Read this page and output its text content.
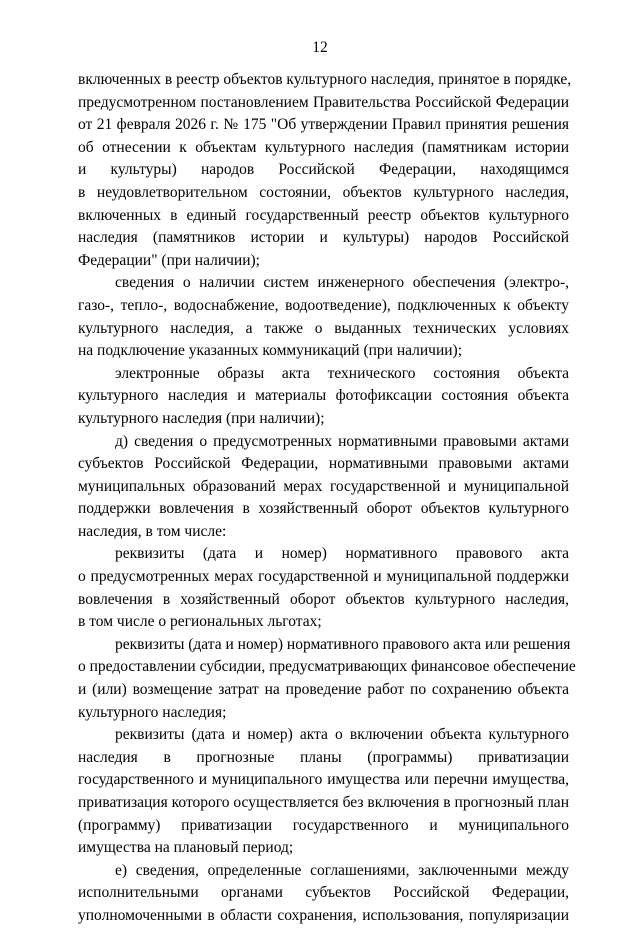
12
включенных в реестр объектов культурного наследия, принятое в порядке,
предусмотренном постановлением Правительства Российской Федерации
от 21 февраля 2026 г. № 175 "Об утверждении Правил принятия решения
об отнесении к объектам культурного наследия (памятникам истории
и культуры) народов Российской Федерации, находящимся
в неудовлетворительном состоянии, объектов культурного наследия,
включенных в единый государственный реестр объектов культурного
наследия (памятников истории и культуры) народов Российской
Федерации" (при наличии);
сведения о наличии систем инженерного обеспечения (электро-,
газо-, тепло-, водоснабжение, водоотведение), подключенных к объекту
культурного наследия, а также о выданных технических условиях
на подключение указанных коммуникаций (при наличии);
электронные образы акта технического состояния объекта
культурного наследия и материалы фотофиксации состояния объекта
культурного наследия (при наличии);
д) сведения о предусмотренных нормативными правовыми актами
субъектов Российской Федерации, нормативными правовыми актами
муниципальных образований мерах государственной и муниципальной
поддержки вовлечения в хозяйственный оборот объектов культурного
наследия, в том числе:
реквизиты (дата и номер) нормативного правового акта
о предусмотренных мерах государственной и муниципальной поддержки
вовлечения в хозяйственный оборот объектов культурного наследия,
в том числе о региональных льготах;
реквизиты (дата и номер) нормативного правового акта или решения
о предоставлении субсидии, предусматривающих финансовое обеспечение
и (или) возмещение затрат на проведение работ по сохранению объекта
культурного наследия;
реквизиты (дата и номер) акта о включении объекта культурного
наследия в прогнозные планы (программы) приватизации
государственного и муниципального имущества или перечни имущества,
приватизация которого осуществляется без включения в прогнозный план
(программу) приватизации государственного и муниципального
имущества на плановый период;
е) сведения, определенные соглашениями, заключенными между
исполнительными органами субъектов Российской Федерации,
уполномоченными в области сохранения, использования, популяризации
